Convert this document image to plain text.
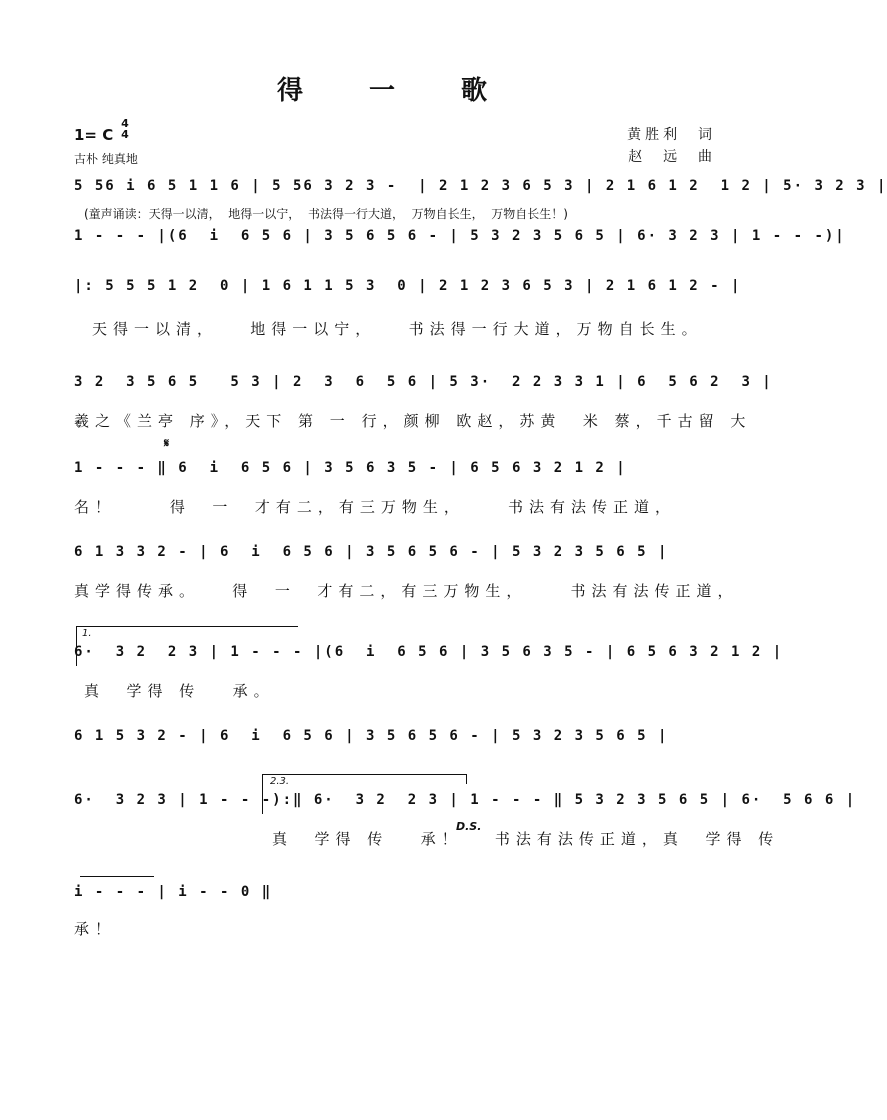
得　一　歌
1= C
4
4
古朴 纯真地
黄胜利  词
赵  远  曲
5 56 i 6 5 1 1 6 | 5 56 3 2 3 -  | 2 1 2 3 6 5 3 | 2 1 6 1 2  1 2 | 5· 3 2 3 |
(童声诵读：天得一以清，  地得一以宁，  书法得一行大道，  万物自长生，  万物自长生！)
1 - - - |(6  i  6 5 6 | 3 5 6 5 6 - | 5 3 2 3 5 6 5 | 6· 3 2 3 | 1 - - -)|
|: 5 5 5 1 2  0 | 1 6 1 1 5 3  0 | 2 1 2 3 6 5 3 | 2 1 6 1 2 - |
天得一以清，   地得一以宁，   书法得一行大道，万物自长生。
3 2  3 5 6 5   5 3 | 2  3  6  5 6 | 5 3·  2 2 3 3 1 | 6  5 6 2  3 |
羲之《兰亭 序》，天下 第 一 行，颜柳 欧赵，苏黄  米 蔡，千古留 大
𝄋
1 - - - ‖ 6  i  6 5 6 | 3 5 6 3 5 - | 6 5 6 3 2 1 2 |
名！     得  一  才有二，有三万物生，    书法有法传正道，
6 1 3 3 2 - | 6  i  6 5 6 | 3 5 6 5 6 - | 5 3 2 3 5 6 5 |
真学得传承。   得  一  才有二，有三万物生，    书法有法传正道，
1.
6·  3 2  2 3 | 1 - - - |(6  i  6 5 6 | 3 5 6 3 5 - | 6 5 6 3 2 1 2 |
真  学得 传   承。
6 1 5 3 2 - | 6  i  6 5 6 | 3 5 6 5 6 - | 5 3 2 3 5 6 5 |
2.3.
6·  3 2 3 | 1 - - -):‖ 6·  3 2  2 3 | 1 - - - ‖ 5 3 2 3 5 6 5 | 6·  5 6 6 |
D.S.
真  学得 传   承！   书法有法传正道，真  学得 传
i - - - | i - - 0 ‖
承！
